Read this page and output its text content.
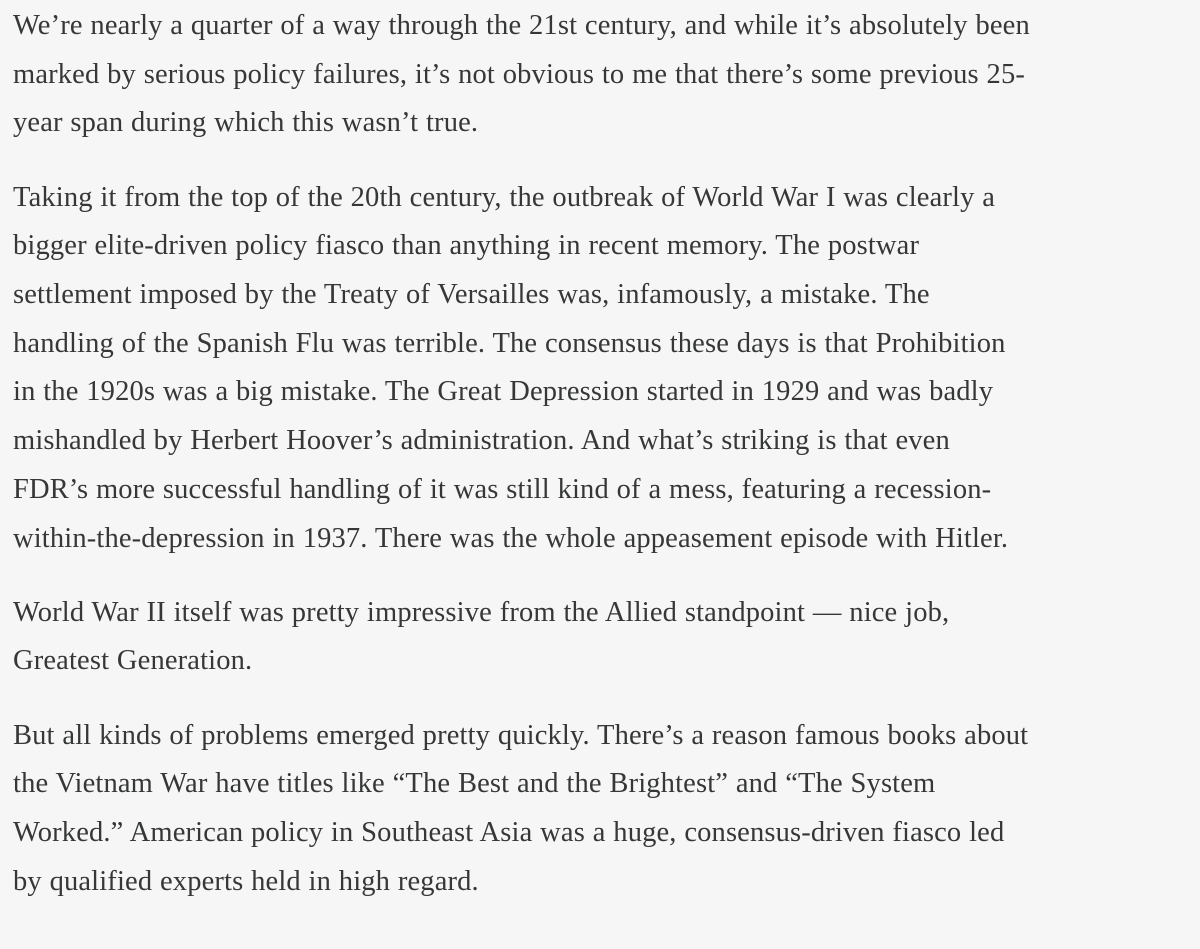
We’re nearly a quarter of a way through the 21st century, and while it’s absolutely been
marked by serious policy failures, it’s not obvious to me that there’s some previous 25-
year span during which this wasn’t true.

Taking it from the top of the 20th century, the outbreak of World War I was clearly a
bigger elite-driven policy fiasco than anything in recent memory. The postwar
settlement imposed by the Treaty of Versailles was, infamously, a mistake. The
handling of the Spanish Flu was terrible. The consensus these days is that Prohibition
in the 1920s was a big mistake. The Great Depression started in 1929 and was badly
mishandled by Herbert Hoover’s administration. And what’s striking is that even
FDR’s more successful handling of it was still kind of a mess, featuring a recession-
within-the-depression in 1937. There was the whole appeasement episode with Hitler.

World War II itself was pretty impressive from the Allied standpoint — nice job,
Greatest Generation.

But all kinds of problems emerged pretty quickly. There’s a reason famous books about
the Vietnam War have titles like “The Best and the Brightest” and “The System
Worked.” American policy in Southeast Asia was a huge, consensus-driven fiasco led
by qualified experts held in high regard.
